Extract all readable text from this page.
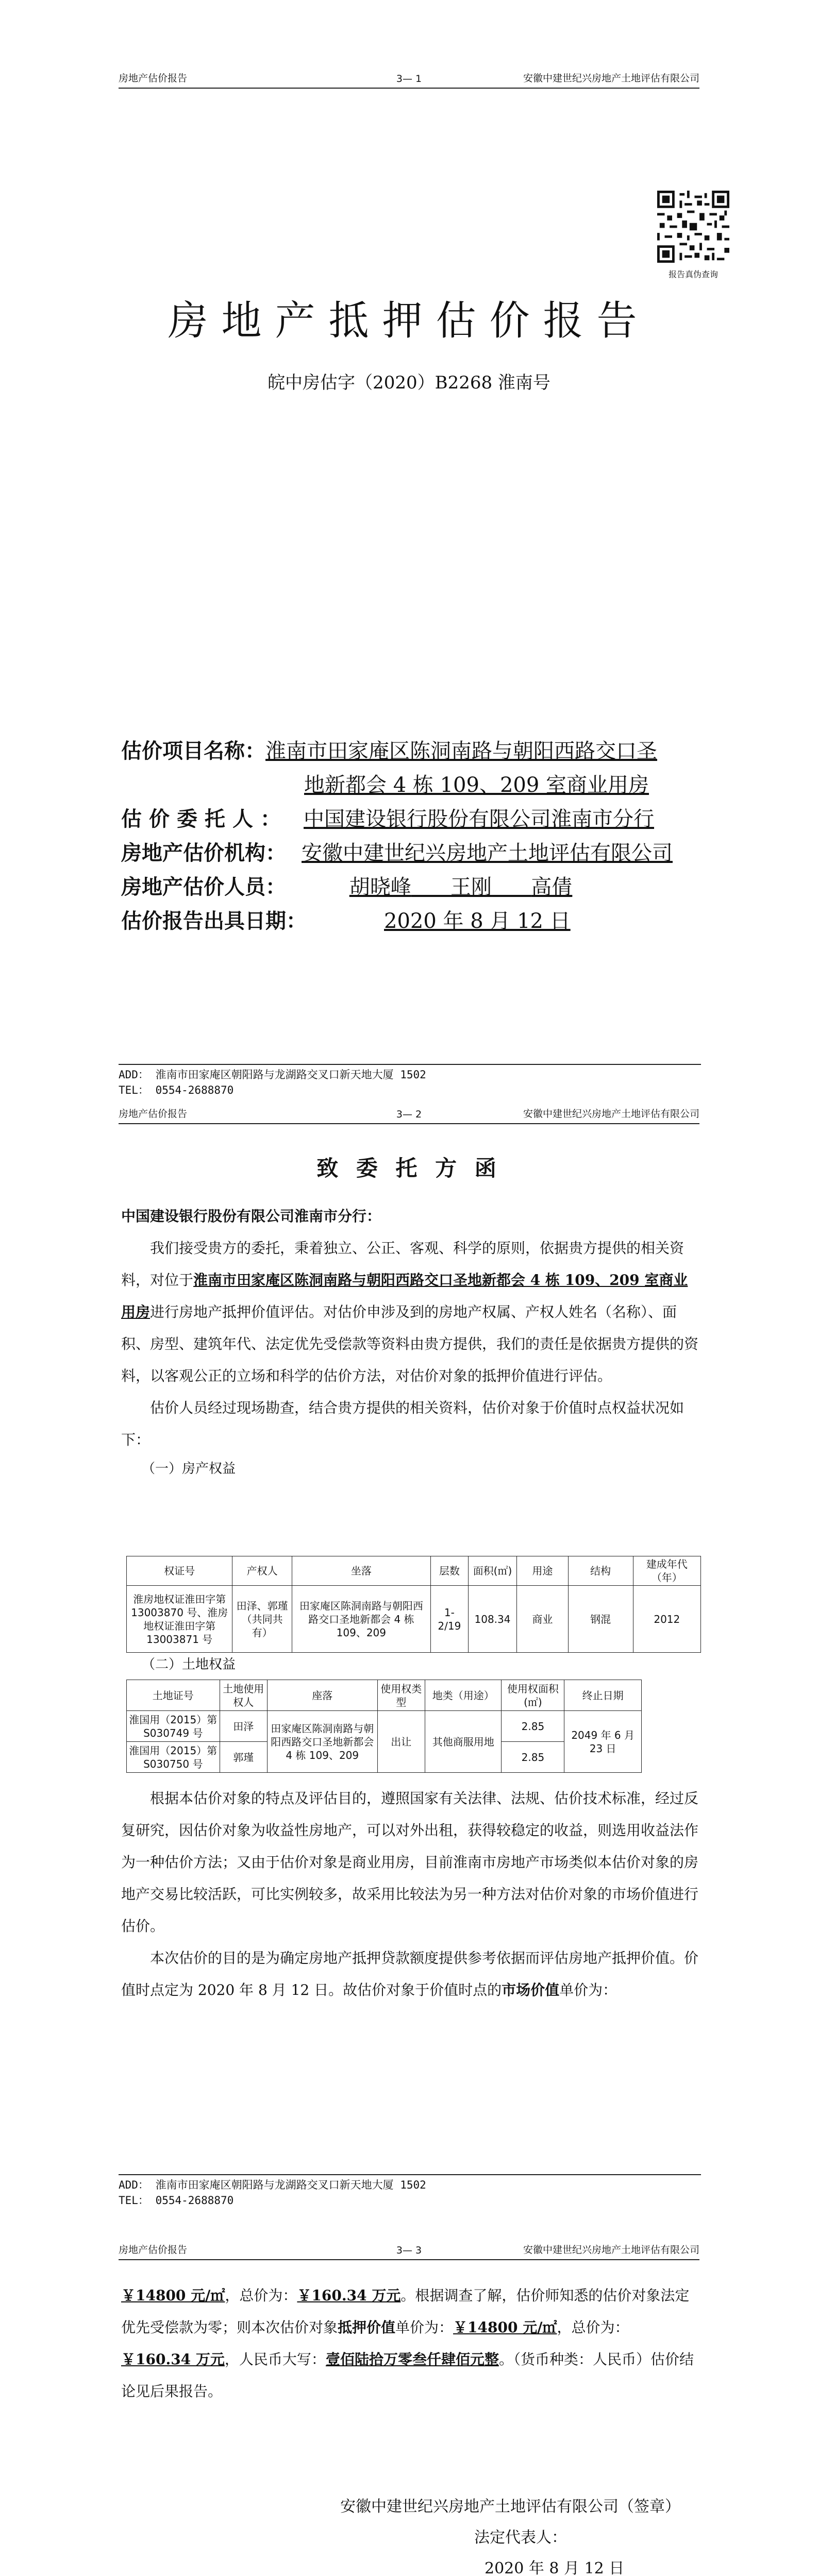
房地产估价报告	3— 1	安徽中建世纪兴房地产土地评估有限公司
报告真伪查询
房地产抵押估价报告
皖中房估字（2020）B2268 淮南号
估价项目名称：淮南市田家庵区陈洞南路与朝阳西路交口圣
地新都会 4 栋 109、209 室商业用房
估价委托人： 中国建设银行股份有限公司淮南市分行
房地产估价机构： 安徽中建世纪兴房地产土地评估有限公司
房地产估价人员：	胡晓峰 王刚 高倩
估价报告出具日期：	2020 年 8 月 12 日
ADD： 淮南市田家庵区朝阳路与龙湖路交叉口新天地大厦 1502
TEL： 0554-2688870
房地产估价报告	3— 2	安徽中建世纪兴房地产土地评估有限公司
致 委 托 方 函
中国建设银行股份有限公司淮南市分行：

我们接受贵方的委托，秉着独立、公正、客观、科学的原则，依据贵方提供的相关资料，对位于淮南市田家庵区陈洞南路与朝阳西路交口圣地新都会 4 栋 109、209 室商业用房进行房地产抵押价值评估。对估价申涉及到的房地产权属、产权人姓名（名称）、面积、房型、建筑年代、法定优先受偿款等资料由贵方提供，我们的责任是依据贵方提供的资料，以客观公正的立场和科学的估价方法，对估价对象的抵押价值进行评估。

估价人员经过现场勘查，结合贵方提供的相关资料，估价对象于价值时点权益状况如下：

（一）房产权益
权证号	产权人	坐落	层数	面积(㎡)	用途	结构	建成年代（年）
淮房地权证淮田字第 13003870 号、淮房地权证淮田字第 13003871 号	田泽、郭瑾（共同共有）	田家庵区陈洞南路与朝阳西路交口圣地新都会 4 栋 109、209	1-2/19	108.34	商业	钢混	2012
（二）土地权益
土地证号	土地使用权人	座落	使用权类型	地类（用途）	使用权面积(㎡)	终止日期
淮国用（2015）第 S030749 号	田泽	田家庵区陈洞南路与朝阳西路交口圣地新都会 4 栋 109、209	出让	其他商服用地	2.85	2049 年 6 月 23 日
淮国用（2015）第 S030750 号	郭瑾				2.85	

根据本估价对象的特点及评估目的，遵照国家有关法律、法规、估价技术标准，经过反复研究，因估价对象为收益性房地产，可以对外出租，获得较稳定的收益，则选用收益法作为一种估价方法；又由于估价对象是商业用房，目前淮南市房地产市场类似本估价对象的房地产交易比较活跃，可比实例较多，故采用比较法为另一种方法对估价对象的市场价值进行估价。

本次估价的目的是为确定房地产抵押贷款额度提供参考依据而评估房地产抵押价值。价值时点定为 2020 年 8 月 12 日。故估价对象于价值时点的市场价值单价为：

ADD： 淮南市田家庵区朝阳路与龙湖路交叉口新天地大厦 1502
TEL： 0554-2688870
房地产估价报告	3— 3	安徽中建世纪兴房地产土地评估有限公司
￥14800 元/㎡，总价为：￥160.34 万元。根据调查了解，估价师知悉的估价对象法定优先受偿款为零；则本次估价对象抵押价值单价为：￥14800 元/㎡，总价为：￥160.34 万元，人民币大写：壹佰陆拾万零叁仟肆佰元整。（货币种类：人民币）估价结论见后果报告。
安徽中建世纪兴房地产土地评估有限公司（签章）
法定代表人：
2020 年 8 月 12 日
